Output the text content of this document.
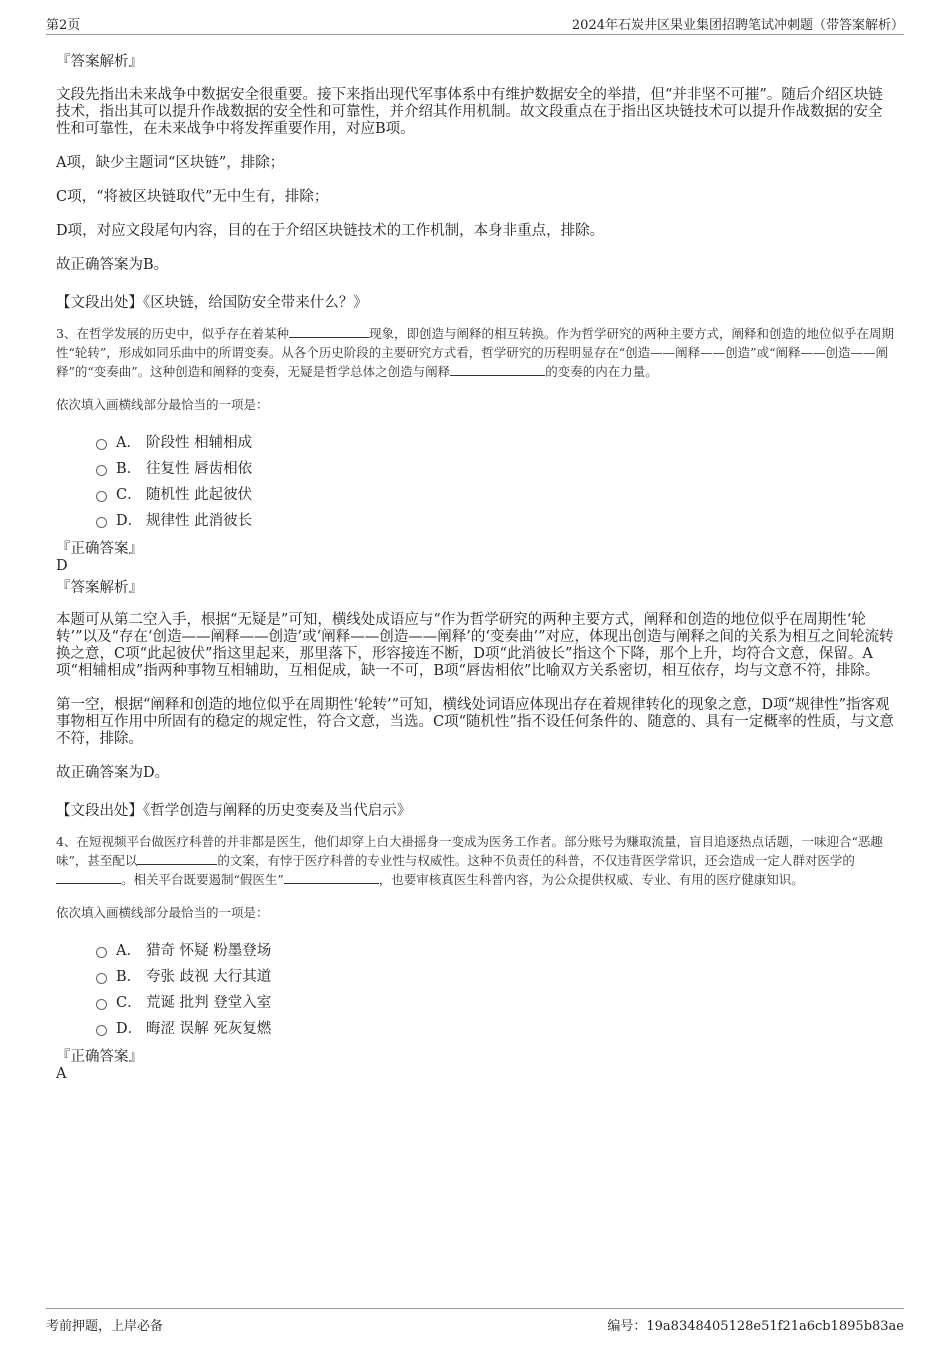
第2页	2024年石炭井区果业集团招聘笔试冲刺题（带答案解析）

『答案解析』

文段先指出未来战争中数据安全很重要。接下来指出现代军事体系中有维护数据安全的举措，但“并非坚不可摧”。随后介绍区块链技术，指出其可以提升作战数据的安全性和可靠性，并介绍其作用机制。故文段重点在于指出区块链技术可以提升作战数据的安全性和可靠性，在未来战争中将发挥重要作用，对应B项。

A项，缺少主题词“区块链”，排除；

C项，“将被区块链取代”无中生有，排除；

D项，对应文段尾句内容，目的在于介绍区块链技术的工作机制，本身非重点，排除。

故正确答案为B。

【文段出处】《区块链，给国防安全带来什么？》

3、在哲学发展的历史中，似乎存在着某种	现象，即创造与阐释的相互转换。作为哲学研究的两种主要方式，阐释和创造的地位似乎在周期性“轮转”，形成如同乐曲中的所谓变奏。从各个历史阶段的主要研究方式看，哲学研究的历程明显存在“创造——阐释——创造”或“阐释——创造——阐释”的“变奏曲”。这种创造和阐释的变奏，无疑是哲学总体之创造与阐释	的变奏的内在力量。

依次填入画横线部分最恰当的一项是：

A． 阶段性 相辅相成
B． 往复性 唇齿相依
C． 随机性 此起彼伏
D． 规律性 此消彼长

『正确答案』

D

『答案解析』

本题可从第二空入手，根据“无疑是”可知，横线处成语应与“作为哲学研究的两种主要方式，阐释和创造的地位似乎在周期性‘轮转’”以及“存在‘创造——阐释——创造’或‘阐释——创造——阐释’的‘变奏曲’”对应，体现出创造与阐释之间的关系为相互之间轮流转换之意，C项“此起彼伏”指这里起来，那里落下，形容接连不断，D项“此消彼长”指这个下降，那个上升，均符合文意，保留。A项“相辅相成”指两种事物互相辅助，互相促成，缺一不可，B项“唇齿相依”比喻双方关系密切，相互依存，均与文意不符，排除。

第一空，根据“阐释和创造的地位似乎在周期性‘轮转’”可知，横线处词语应体现出存在着规律转化的现象之意，D项“规律性”指客观事物相互作用中所固有的稳定的规定性，符合文意，当选。C项“随机性”指不设任何条件的、随意的、具有一定概率的性质，与文意不符，排除。

故正确答案为D。

【文段出处】《哲学创造与阐释的历史变奏及当代启示》

4、在短视频平台做医疗科普的并非都是医生，他们却穿上白大褂摇身一变成为医务工作者。部分账号为赚取流量，盲目追逐热点话题，一味迎合“恶趣味”，甚至配以	的文案，有悖于医疗科普的专业性与权威性。这种不负责任的科普，不仅违背医学常识，还会造成一定人群对医学的。相关平台既要遏制“假医生”	，也要审核真医生科普内容，为公众提供权威、专业、有用的医疗健康知识。

依次填入画横线部分最恰当的一项是：

A． 猎奇 怀疑 粉墨登场
B． 夸张 歧视 大行其道
C． 荒诞 批判 登堂入室
D． 晦涩 误解 死灰复燃

『正确答案』

A

考前押题，上岸必备	编号：19a8348405128e51f21a6cb1895b83ae
